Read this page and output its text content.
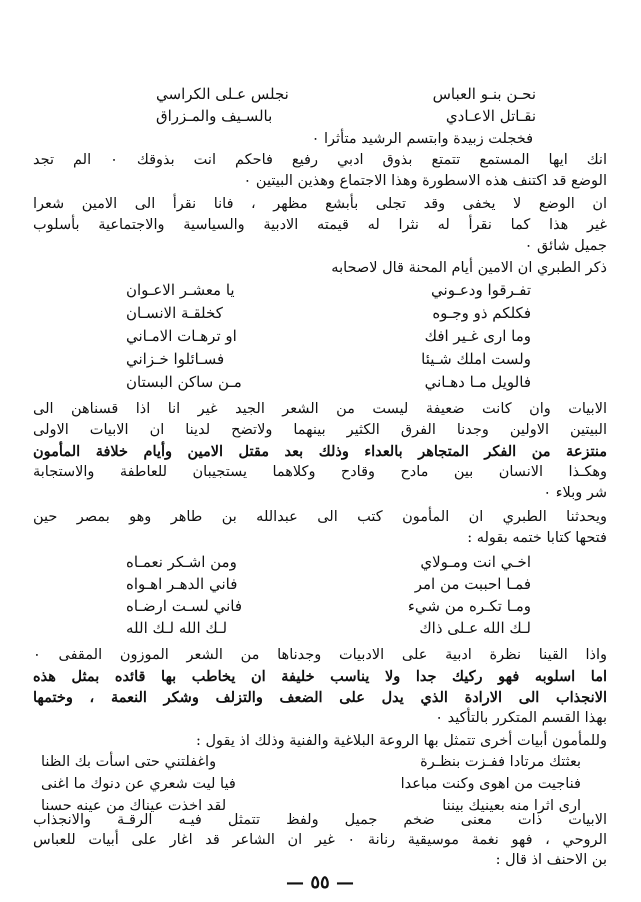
نحـن بنـو العباس
نجلس عـلى الكراسي
نقـاتل الاعـادي
بالسـيف والمـزراق
فخجلت زبيدة وابتسم الرشيد متأثرا ٠
انك ايها المستمع تتمتع بذوق ادبي رفيع فاحكم انت بذوقك ٠ الم تجد
الوضع قد اكتنف هذه الاسطورة وهذا الاجتماع وهذين البيتين ٠
ان الوضع لا يخفى وقد تجلى بأبشع مظهر ، فانا نقرأ الى الامين شعرا
غير هذا كما نقرأ له نثرا له قيمته الادبية والسياسية والاجتماعية بأسلوب
جميل شائق ٠
ذكر الطبري ان الامين أيام المحنة قال لاصحابه
تفـرقوا ودعـوني
يا معشـر الاعـوان
فكلكم ذو وجـوه
كخلقـة الانسـان
وما ارى غـير افك
او ترهـات الامـاني
ولست املك شـيئا
فسـائلوا خـزاني
فالويل مـا دهـاني
مـن ساكن البستان
الابيات وان كانت ضعيفة ليست من الشعر الجيد غير انا اذا قسناهن الى
البيتين الاولين وجدنا الفرق الكثير بينهما ولاتضح لدينا ان الابيات الاولى
منتزعة من الفكر المتجاهر بالعداء وذلك بعد مقتل الامين وأيام خلافة المأمون
وهكـذا الانسان بين مادح وقادح وكلاهما يستجيبان للعاطفة والاستجابة
شر وبلاء ٠
ويحدثنا الطبري ان المأمون كتب الى عبدالله بن طاهر وهو بمصر حين
فتحها كتابا ختمه بقوله :
اخـي انت ومـولاي
ومن اشـكر نعمـاه
فمـا احببت من امر
فاني الدهـر اهـواه
ومـا تكـره من شيء
فاني لسـت ارضـاه
لـك الله عـلى ذاك
لـك الله لـك الله
واذا القينا نظرة ادبية على الادبيات وجدناها من الشعر الموزون المقفى ٠
اما اسلوبه فهو ركيك جدا ولا يناسب خليفة ان يخاطب بها قائده بمثل هذه
الانجذاب الى الارادة الذي يدل على الضعف والتزلف وشكر النعمة ، وختمها
بهذا القسم المتكرر بالتأكيد ٠
وللمأمون أبيات أخرى تتمثل بها الروعة البلاغية والفنية وذلك اذ يقول :
بعثتك مرتادا ففـزت بنظـرة
واغفلتني حتى اسأت بك الظنا
فناجيت من اهوى وكنت مباعدا
فيا ليت شعري عن دنوك ما اغنى
ارى اثرا منه بعينيك بيننا
لقد اخذت عيناك من عينه حسنا
الابيات ذات معنى ضخم جميل ولفظ تتمثل فيـه الرقـة والانجذاب
الروحي ، فهو نغمة موسيقية رنانة ٠ غير ان الشاعر قد اغار على أبيات للعباس
بن الاحنف اذ قال :
— ٥٥ —
